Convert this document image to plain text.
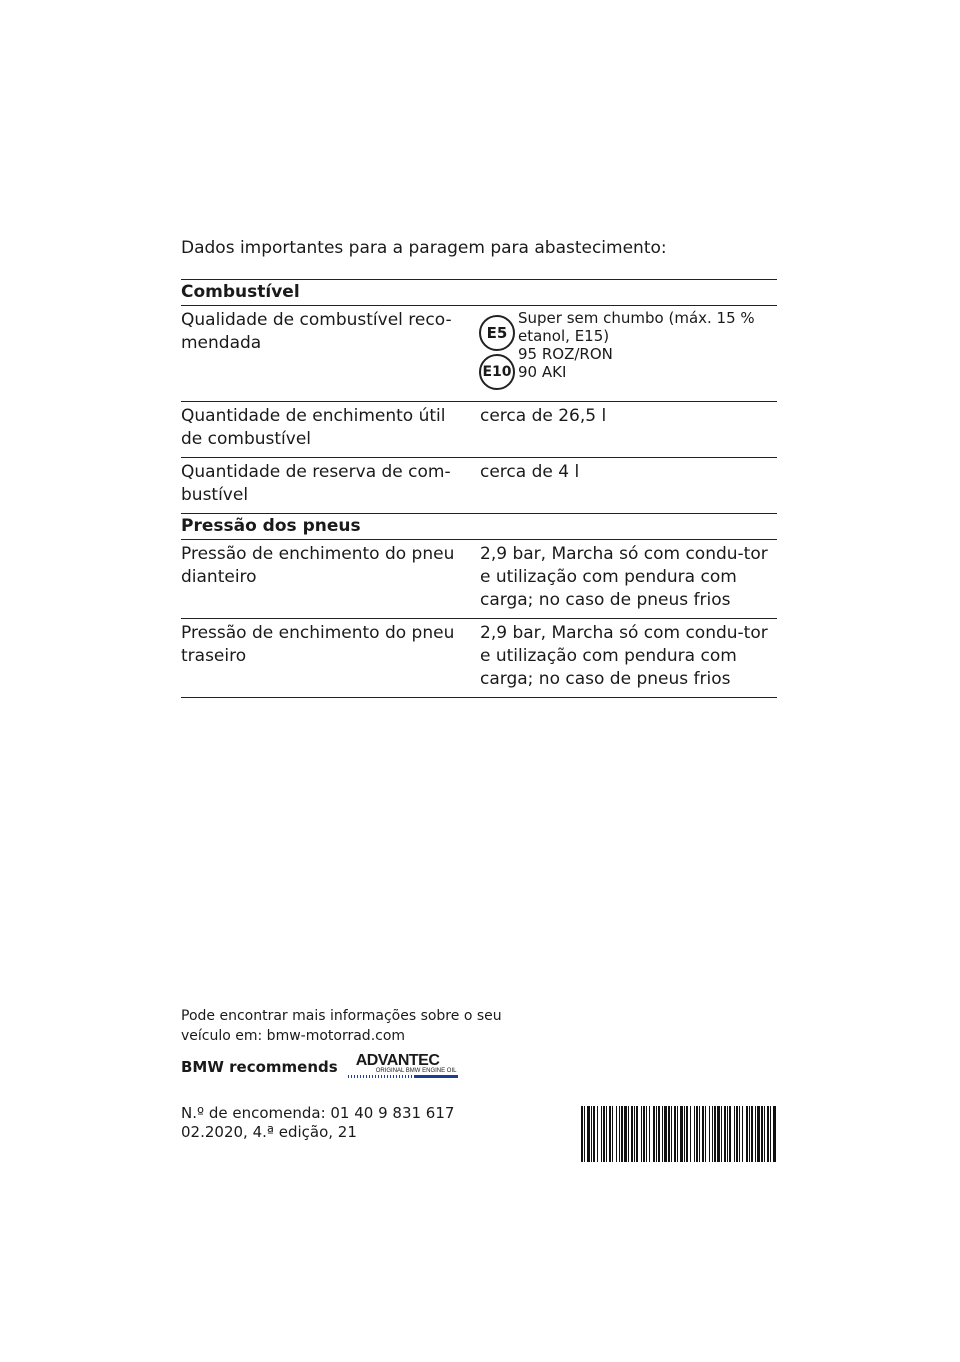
Dados importantes para a paragem para abastecimento:
Combustível
Qualidade de combustível reco-mendada	E5
E10
Super sem chumbo (máx. 15 %
etanol, E15)
95 ROZ/RON
90 AKI
Quantidade de enchimento útil de combustível
cerca de 26,5 l
Quantidade de reserva de com-bustível
cerca de 4 l
Pressão dos pneus
Pressão de enchimento do pneu dianteiro
2,9 bar, Marcha só com condu-tor e utilização com pendura com carga; no caso de pneus frios
Pressão de enchimento do pneu traseiro
2,9 bar, Marcha só com condu-tor e utilização com pendura com carga; no caso de pneus frios
Pode encontrar mais informações sobre o seu veículo em: bmw-motorrad.com
BMW recommends	ADVANTEC
ORIGINAL BMW ENGINE OIL
N.º de encomenda: 01 40 9 831 617
02.2020, 4.ª edição, 21
